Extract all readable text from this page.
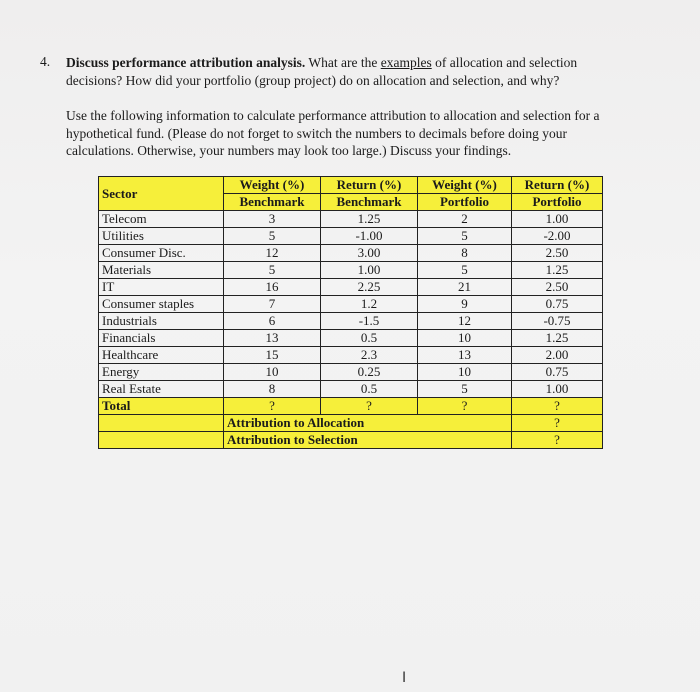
4. Discuss performance attribution analysis. What are the examples of allocation and selection decisions? How did your portfolio (group project) do on allocation and selection, and why?
Use the following information to calculate performance attribution to allocation and selection for a hypothetical fund. (Please do not forget to switch the numbers to decimals before doing your calculations. Otherwise, your numbers may look too large.) Discuss your findings.
Sector	Weight (%)	Return (%)	Weight (%)	Return (%)
	Benchmark	Benchmark	Portfolio	Portfolio
Telecom	3	1.25	2	1.00
Utilities	5	-1.00	5	-2.00
Consumer Disc.	12	3.00	8	2.50
Materials	5	1.00	5	1.25
IT	16	2.25	21	2.50
Consumer staples	7	1.2	9	0.75
Industrials	6	-1.5	12	-0.75
Financials	13	0.5	10	1.25
Healthcare	15	2.3	13	2.00
Energy	10	0.25	10	0.75
Real Estate	8	0.5	5	1.00
Total	?	?	?	?
	Attribution to Allocation			?
	Attribution to Selection			?
I
